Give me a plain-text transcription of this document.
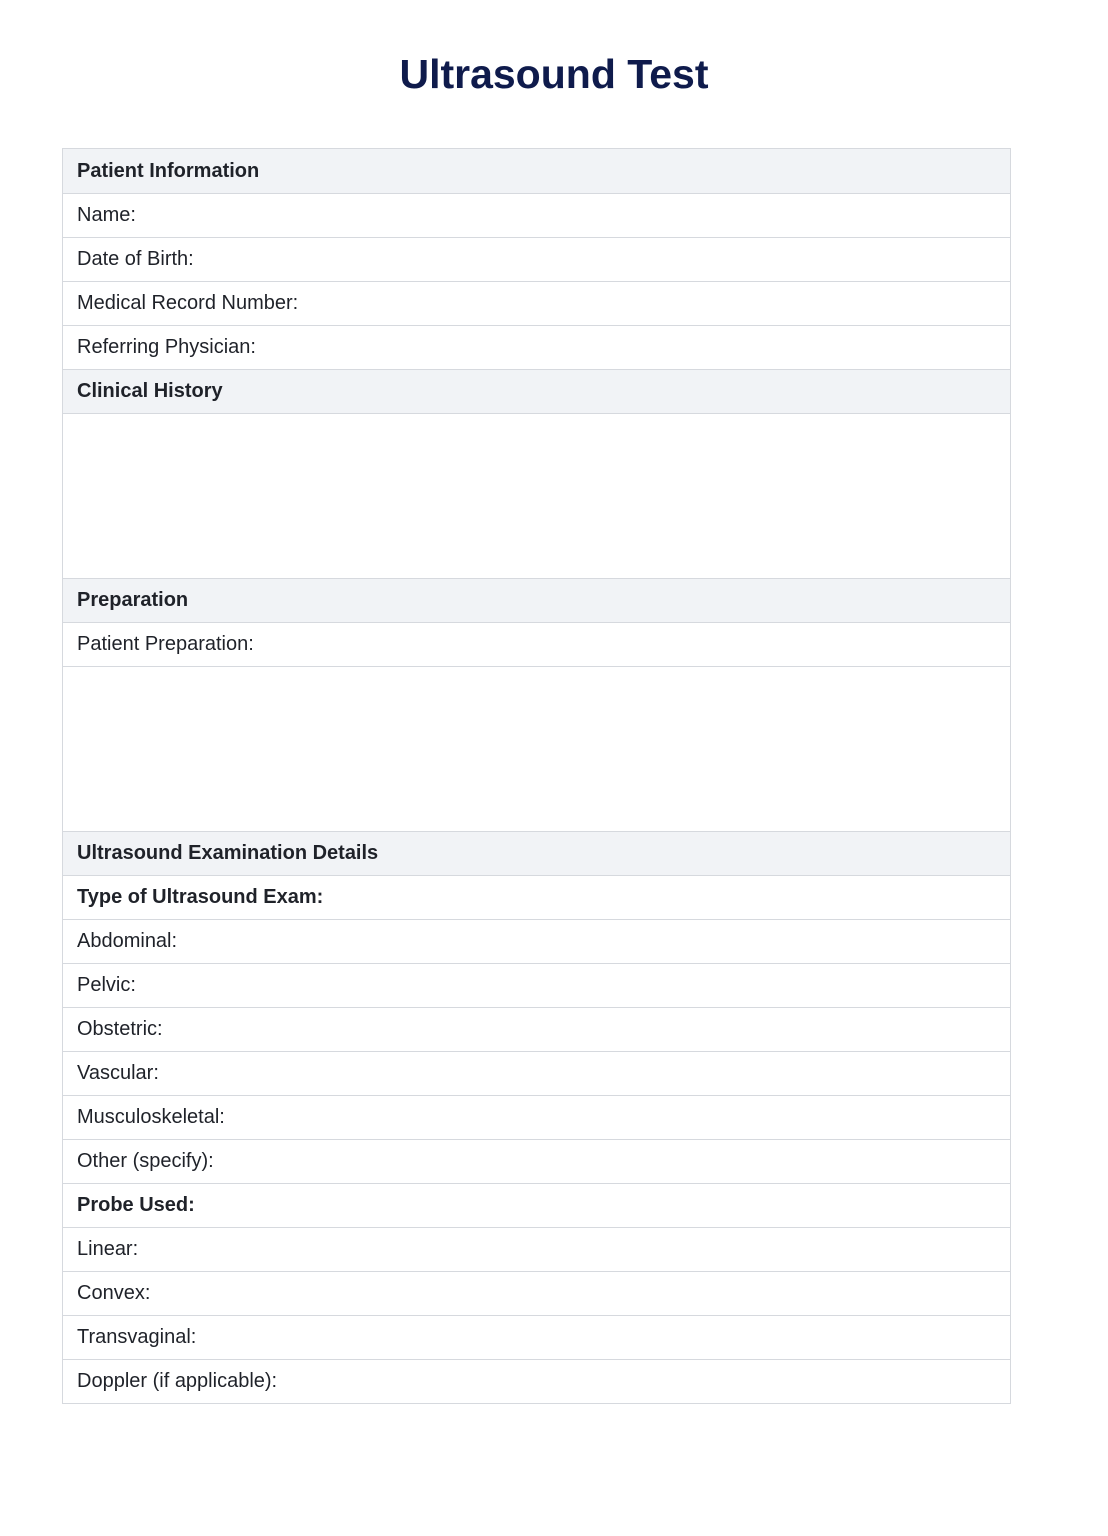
Ultrasound Test
Patient Information
Name:
Date of Birth:
Medical Record Number:
Referring Physician:
Clinical History
Preparation
Patient Preparation:
Ultrasound Examination Details
Type of Ultrasound Exam:
Abdominal:
Pelvic:
Obstetric:
Vascular:
Musculoskeletal:
Other (specify):
Probe Used:
Linear:
Convex:
Transvaginal:
Doppler (if applicable):
